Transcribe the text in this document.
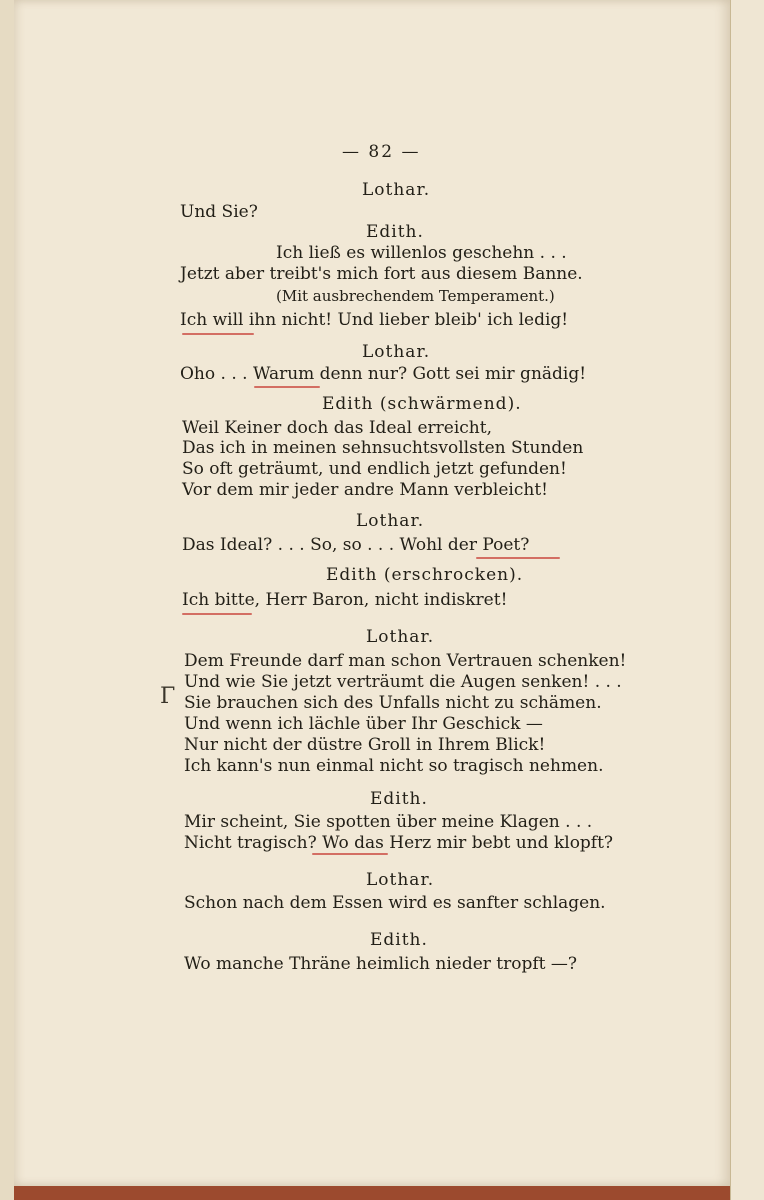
— 82 —

Lothar.

Und Sie?

Edith.

Ich ließ es willenlos geschehn . . .

Jetzt aber treibt's mich fort aus diesem Banne.

(Mit ausbrechendem Temperament.)

Ich will ihn nicht! Und lieber bleib' ich ledig!

Lothar.

Oho . . . Warum denn nur? Gott sei mir gnädig!

Edith (schwärmend).

Weil Keiner doch das Ideal erreicht,

Das ich in meinen sehnsuchtsvollsten Stunden

So oft geträumt, und endlich jetzt gefunden!

Vor dem mir jeder andre Mann verbleicht!

Lothar.

Das Ideal? . . . So, so . . . Wohl der Poet?

Edith (erschrocken).

Ich bitte, Herr Baron, nicht indiskret!

Lothar.

Dem Freunde darf man schon Vertrauen schenken!

Und wie Sie jetzt verträumt die Augen senken! . . .

Sie brauchen sich des Unfalls nicht zu schämen.

Und wenn ich lächle über Ihr Geschick —

Nur nicht der düstre Groll in Ihrem Blick!

Ich kann's nun einmal nicht so tragisch nehmen.

Edith.

Mir scheint, Sie spotten über meine Klagen . . .

Nicht tragisch? Wo das Herz mir bebt und klopft?

Lothar.

Schon nach dem Essen wird es sanfter schlagen.

Edith.

Wo manche Thräne heimlich nieder tropft —?

Γ
